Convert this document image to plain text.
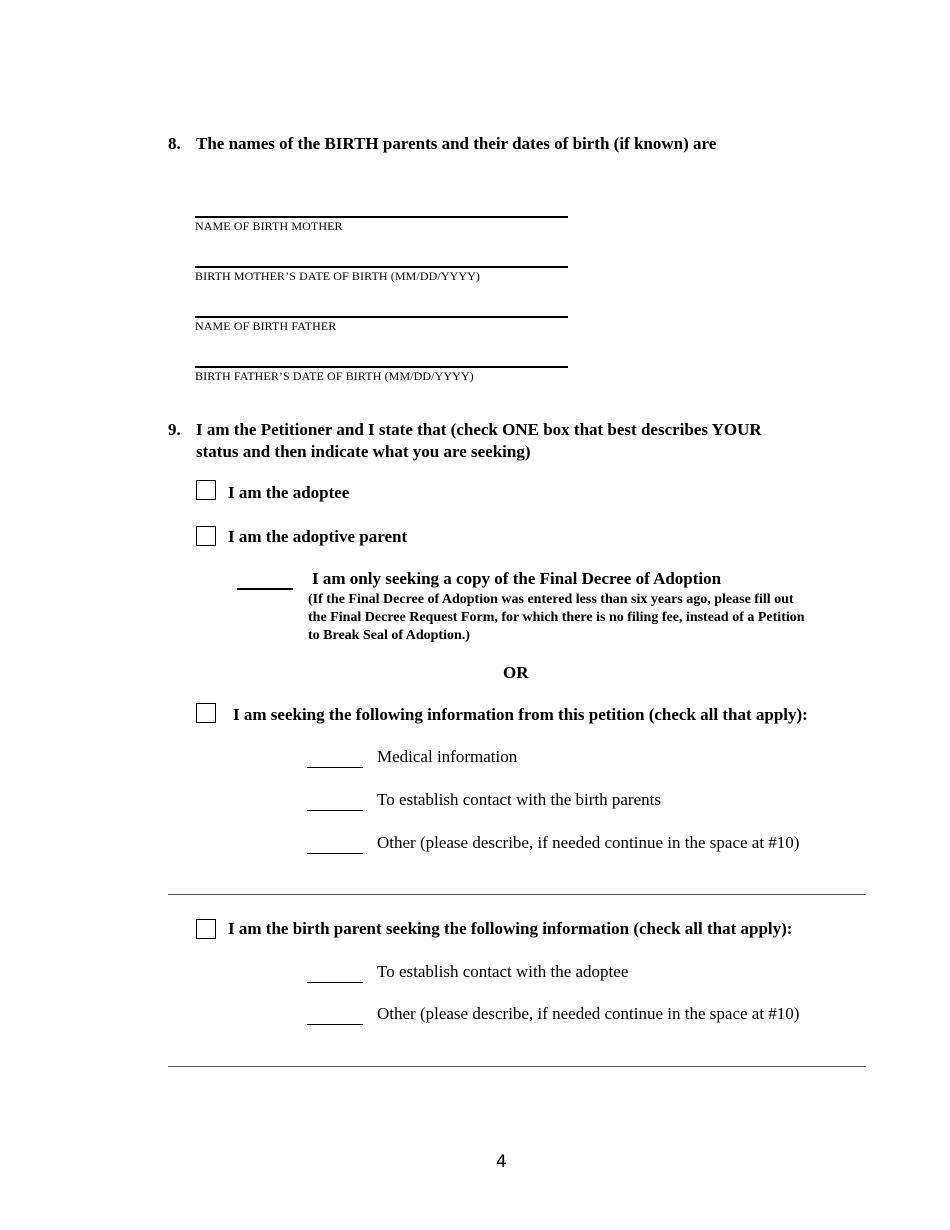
8. The names of the BIRTH parents and their dates of birth (if known) are
NAME OF BIRTH MOTHER
BIRTH MOTHER’S DATE OF BIRTH (MM/DD/YYYY)
NAME OF BIRTH FATHER
BIRTH FATHER’S DATE OF BIRTH (MM/DD/YYYY)
9. I am the Petitioner and I state that (check ONE box that best describes YOUR
status and then indicate what you are seeking)
I am the adoptee
I am the adoptive parent
I am only seeking a copy of the Final Decree of Adoption
(If the Final Decree of Adoption was entered less than six years ago, please fill out
the Final Decree Request Form, for which there is no filing fee, instead of a Petition
to Break Seal of Adoption.)
OR
I am seeking the following information from this petition (check all that apply):
Medical information
To establish contact with the birth parents
Other (please describe, if needed continue in the space at #10)
I am the birth parent seeking the following information (check all that apply):
To establish contact with the adoptee
Other (please describe, if needed continue in the space at #10)
4
